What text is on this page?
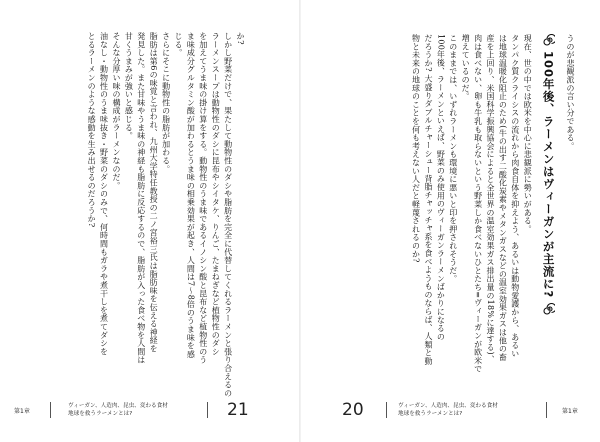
か?

しかし野菜だけで、果たして動物性のダシや脂肪を完全に代替してくれるラーメンと張り合えるの

ラーメンスープは動物性のダシに昆布やシイタケ、りんご、たまねぎなど植物性のダシ

を加えてうま味の掛け算をする。動物性のうま味であるイノシン酸と昆布など植物性のう

ま味成分グルタミン酸が加わるとうま味の相乗効果が起き、人間は7〜8倍のうま味を感

じる。

さらにそこに動物性の脂肪が加わる。

脂肪は第6の味覚と言われ、九州大学特任教授の二ノ宮裕三氏は脂肪味を伝える神経を

発見した。また甘味やうま味の神経も脂肪に反応するので、脂肪が入った食べ物を人間は

甘くうまみが強いと感じる。

そんな分厚い味の構成がラーメンなのだ。

油なし・動物性のうま味抜き・野菜のダシのみで、何時間もガラや煮干しを煮てダシを

とるラーメンのような感動を生み出せるのだろうか?

第1章
ヴィーガン、人造肉、昆虫、変わる食材
地球を救うラーメンとは?	21

うのが悲観派の言い分である。

100年後、ラーメンはヴィーガンが主流に?

現在、世の中では欧米を中心に悲観派に勢いがある。

タンパク質クライシスの流れから肉食自体を抑えよう、あるいは動物愛護から、あるい

は地球温暖化阻止のため(牛の出す二酸化炭素やメタンガスなどの温室効果ガスは他の畜

産を上回り、米国科学振興協会によると全世界の温室効果ガス排出量の18%に達する)、

肉は食べない、卵も牛乳も取らないという野菜しか食べないひとたち=ヴィーガンが欧米で

増えているのだ。

このままでは、いずれラーメンも環境に悪いと印を押されそうだ。

100年後、ラーメンといえば、野菜のみ使用のヴィーガンラーメンばかりになるの

だろうか? 大盛りダブルチャーシュー背脂チャッチャ系を食べようものならば、人類と動

物と未来の地球のことを何も考えない人だと軽蔑されるのか?

20	ヴィーガン、人造肉、昆虫、変わる食材
地球を救うラーメンとは?	第1章
